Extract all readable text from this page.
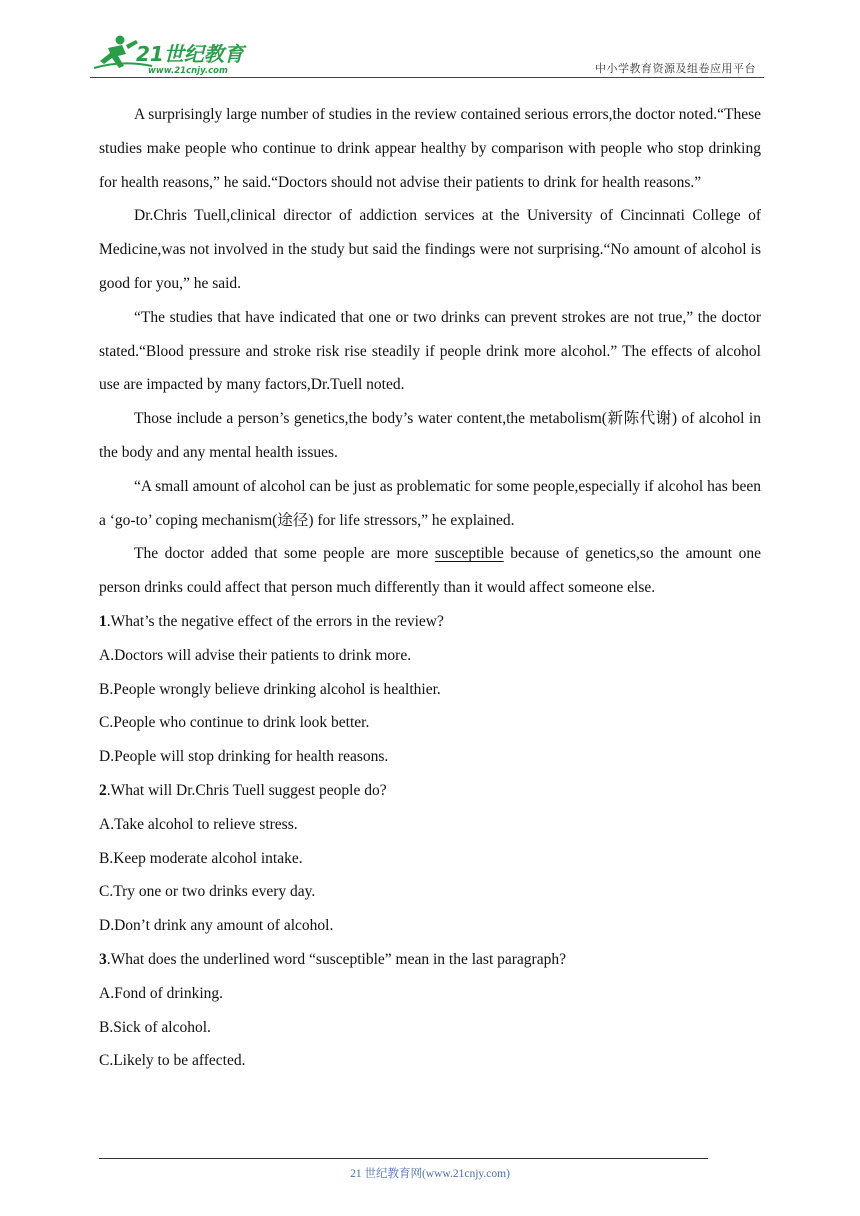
21世纪教育
www.21cnjy.com	中小学教育资源及组卷应用平台

A surprisingly large number of studies in the review contained serious errors,the doctor noted.“These studies make people who continue to drink appear healthy by comparison with people who stop drinking for health reasons,” he said.“Doctors should not advise their patients to drink for health reasons.”

Dr.Chris Tuell,clinical director of addiction services at the University of Cincinnati College of Medicine,was not involved in the study but said the findings were not surprising.“No amount of alcohol is good for you,” he said.

“The studies that have indicated that one or two drinks can prevent strokes are not true,” the doctor stated.“Blood pressure and stroke risk rise steadily if people drink more alcohol.” The effects of alcohol use are impacted by many factors,Dr.Tuell noted.

Those include a person’s genetics,the body’s water content,the metabolism(新陈代谢) of alcohol in the body and any mental health issues.

“A small amount of alcohol can be just as problematic for some people,especially if alcohol has been a ‘go-to’ coping mechanism(途径) for life stressors,” he explained.

The doctor added that some people are more susceptible because of genetics,so the amount one person drinks could affect that person much differently than it would affect someone else.

1.What’s the negative effect of the errors in the review?

A.Doctors will advise their patients to drink more.

B.People wrongly believe drinking alcohol is healthier.

C.People who continue to drink look better.

D.People will stop drinking for health reasons.

2.What will Dr.Chris Tuell suggest people do?

A.Take alcohol to relieve stress.

B.Keep moderate alcohol intake.

C.Try one or two drinks every day.

D.Don’t drink any amount of alcohol.

3.What does the underlined word “susceptible” mean in the last paragraph?

A.Fond of drinking.

B.Sick of alcohol.

C.Likely to be affected.

21 世纪教育网(www.21cnjy.com)
